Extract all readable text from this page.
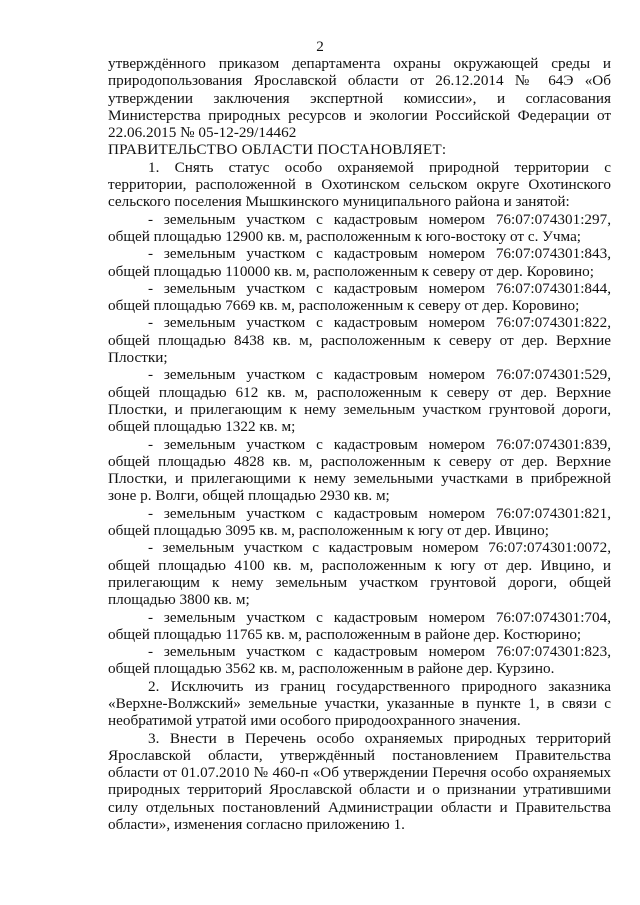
2

утверждённого приказом департамента охраны окружающей среды и природопользования Ярославской области от 26.12.2014 № 64Э «Об утверждении заключения экспертной комиссии», и согласования Министерства природных ресурсов и экологии Российской Федерации от 22.06.2015 № 05-12-29/14462

ПРАВИТЕЛЬСТВО ОБЛАСТИ ПОСТАНОВЛЯЕТ:

1. Снять статус особо охраняемой природной территории с территории, расположенной в Охотинском сельском округе Охотинского сельского поселения Мышкинского муниципального района и занятой:

- земельным участком с кадастровым номером 76:07:074301:297, общей площадью 12900 кв. м, расположенным к юго-востоку от с. Учма;

- земельным участком с кадастровым номером 76:07:074301:843, общей площадью 110000 кв. м, расположенным к северу от дер. Коровино;

- земельным участком с кадастровым номером 76:07:074301:844, общей площадью 7669 кв. м, расположенным к северу от дер. Коровино;

- земельным участком с кадастровым номером 76:07:074301:822, общей площадью 8438 кв. м, расположенным к северу от дер. Верхние Плостки;

- земельным участком с кадастровым номером 76:07:074301:529, общей площадью 612 кв. м, расположенным к северу от дер. Верхние Плостки, и прилегающим к нему земельным участком грунтовой дороги, общей площадью 1322 кв. м;

- земельным участком с кадастровым номером 76:07:074301:839, общей площадью 4828 кв. м, расположенным к северу от дер. Верхние Плостки, и прилегающими к нему земельными участками в прибрежной зоне р. Волги, общей площадью 2930 кв. м;

- земельным участком с кадастровым номером 76:07:074301:821, общей площадью 3095 кв. м, расположенным к югу от дер. Ивцино;

- земельным участком с кадастровым номером 76:07:074301:0072, общей площадью 4100 кв. м, расположенным к югу от дер. Ивцино, и прилегающим к нему земельным участком грунтовой дороги, общей площадью 3800 кв. м;

- земельным участком с кадастровым номером 76:07:074301:704, общей площадью 11765 кв. м, расположенным в районе дер. Костюрино;

- земельным участком с кадастровым номером 76:07:074301:823, общей площадью 3562 кв. м, расположенным в районе дер. Курзино.

2. Исключить из границ государственного природного заказника «Верхне-Волжский» земельные участки, указанные в пункте 1, в связи с необратимой утратой ими особого природоохранного значения.

3. Внести в Перечень особо охраняемых природных территорий Ярославской области, утверждённый постановлением Правительства области от 01.07.2010 № 460-п «Об утверждении Перечня особо охраняемых природных территорий Ярославской области и о признании утратившими силу отдельных постановлений Администрации области и Правительства области», изменения согласно приложению 1.
